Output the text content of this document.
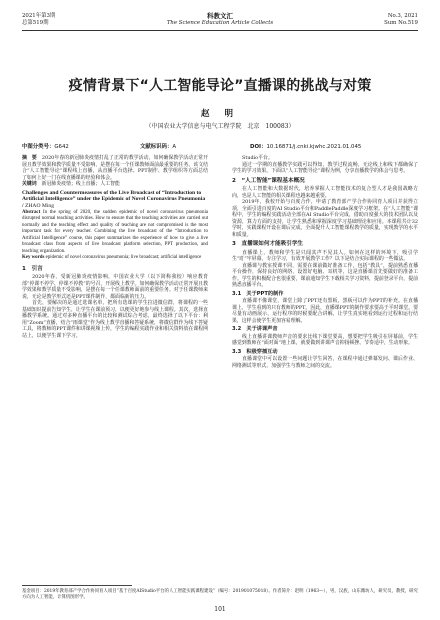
2021年第3期
总第519期
科教文汇
The Science Education Article Collects
No.3, 2021
Sum No.519
疫情背景下“人工智能导论”直播课的挑战与对策
赵 明
（中国农业大学信息与电气工程学院　北京　100083）
中图分类号：G642	文献标识码：A	DOI：10.16871/j.cnki.kjwhc.2021.01.045

摘　要　 2020年春的新冠肺炎疫情打乱了正常的教学活动，如何确保教学活动正常开展且教学效果和教学质量不受影响，是摆在每一个任课教师面前最重要的任务。该文结合“人工智能导论”课程线上直播，从直播平台选择、PPT制作、教学组织等方面总结了如何上好一门在线直播课的经验和体会。

关键词　 新冠肺炎疫情；线上直播；人工智能

Challenges and Countermeasures of the Live Broadcast of “Introduction to Artificial Intelligence” under the Epidemic of Novel Coronavirus Pneumonia / ZHAO Ming

Abstract In the spring of 2020, the sudden epidemic of novel coronavirus pneumonia disrupted normal teaching activities. How to ensure that the teaching activities are carried out normally and the teaching effect and quality of teaching are not compromised is the most important task for every teacher. Combining the live broadcast of the “Introduction to Artificial Intelligence” course, this paper summarizes the experience of how to give a live broadcast class from aspects of live broadcast platform selection, PPT production, and teaching organization.

Key words epidemic of novel coronavirus pneumonia; live broadcast; artificial intelligence

1　引言

2020年春，受新冠肺炎疫情影响，中国农业大学（以下简称我校）响应教育部“停课不停学、停课不停教”的号召，开展线上教学。如何确保教学活动正常开展且教学效果和教学质量不受影响，是摆在每一个任课教师面前的重要任务。对于任课教师来说，无论是教学形式还是PPT课件制作，都面临新的压力。

首先，要解决的是通过选课名单，把所有选课的学生拉进微信群，将课程的一些基础知识提前告知学生，让学生在课前预习，以便更好地参与线上课程。其次，选择直播教学系统。通过对多种直播平台的比较和测试综合考虑，最终选择了以下平台：利用“Zoom”直播，结合“雨课堂”作为线上教学直播和答疑系统，将微信群作为线下答疑工具，将教师的PPT课件和讲课视频上传，学生的编程实践作业和相关资料放在课程网站上，以便学生课下学习。

Studio平台。

通过一学期的直播教学实践可以得知，教学过程流畅，无论线上和线下都确保了学生的学习效果。下面以“人工智能导论”课程为例，分享直播教学的体会与思考。

2　“人工智能”课程基本概况

在人工智能和大数据时代，培养掌握人工智能技术的复合型人才是我国战略方向，也是人工智能的相关课程也越来越重要。

2019年，我校开始与百度合作，申请了教育部产学合作协同育人项目并获得立项，全面引进百度的AI Studio平台和PaddlePaddle深度学习框架。在“人工智能”课程中，学生的编程实践活动全部在AI Studio平台完成，借助百度强大的技术团队以及资源，算力方面的支持，让学生熟悉和掌握深度学习基础理论和应用。本课程共计32学时，实践课程开设在课后完成，全面提升人工智能课程教学的质量，实现教学的水平和质量。

3　直播课如何才能吸引学生

直播课上，教师和学生是只闻其声不见其人。如何在这样的环境下，吸引学生“盯”牢屏幕，专注学习，有效开展教学工作？以下是结合实际课程的一些做法。

直播课与教室授课不同，需要在课前做好准备工作，包括“教具”，提前熟悉直播平台操作，保持良好的网络，设置好电脑、耳机等，这是直播课首先要做好的准备工作。学生的积极配合也很重要，课前通知学生下载相关学习资料，提前登录平台，提前熟悉直播平台。

3.1　关于PPT的制作

直播课不像课堂，课堂上除了PPT还有黑板，黑板可以作为PPT的补充。在直播课上，学生看到的只有教师的PPT。因此，直播课PPT的制作要求要高于平时课堂。要尽量有动画展示，运行程序的时候要配合讲解，让学生真实地看到运行过程和运行结果，这样会使学生更加容易理解。

3.2　关于讲课声音

线上直播讲课教师声音的要求比线下课堂要高，想要把学生吸引在屏幕前，学生感觉到教师在“面对面”地上课，就要做到讲课声音抑扬顿挫、节奏适中，生动形象。

3.3　积极穿插互动

直播课堂中可以设置一些问题让学生回答，在课程中通过弹幕发问、课后作业、网络测试等形式，加强学生与教师之间的交流。

基金项目：2019年教育部产学合作协同育人项目“基于百度AIStudio平台的人工智能实践课程建设”（编号：201901075018）。作者简介：赵明（1963—），男，汉族，山东潍坊人，研究员，教授，研究方向为人工智能，计算机图形学。
101
